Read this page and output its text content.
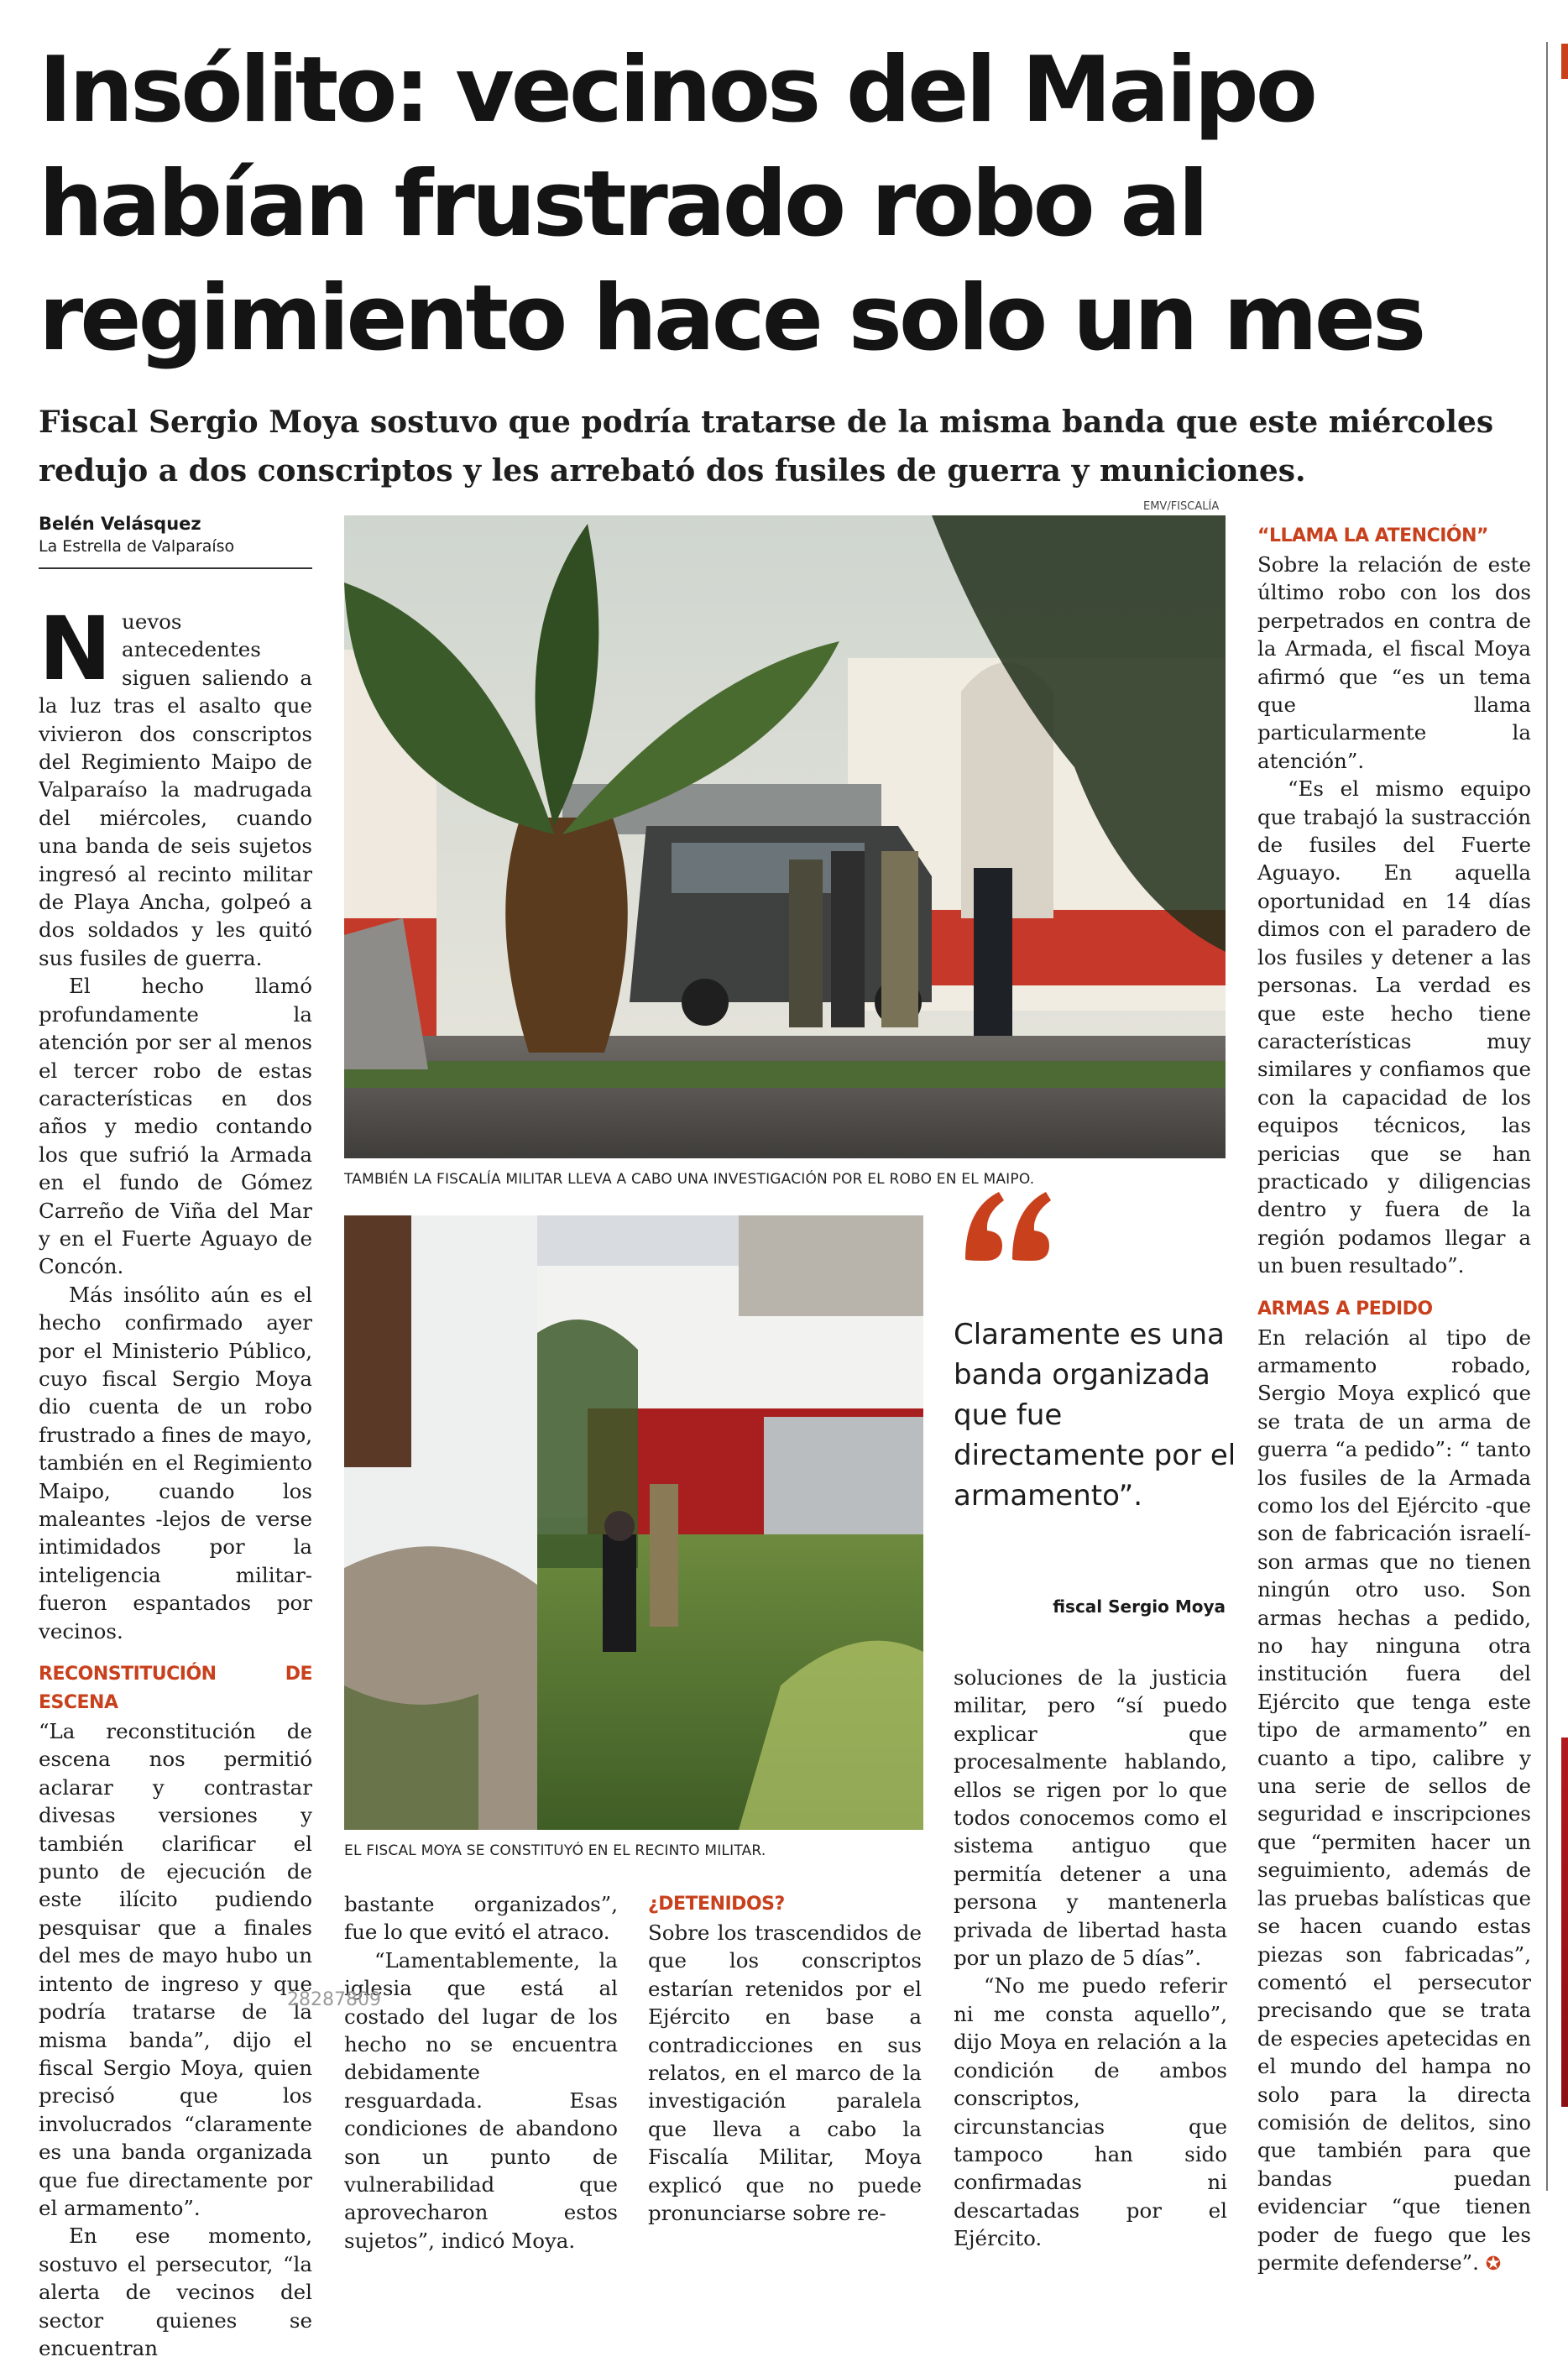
Insólito: vecinos del Maipo habían frustrado robo al regimiento hace solo un mes

Fiscal Sergio Moya sostuvo que podría tratarse de la misma banda que este miércoles redujo a dos conscriptos y les arrebató dos fusiles de guerra y municiones.

Belén Velásquez
La Estrella de Valparaíso

Nuevos antecedentes siguen saliendo a la luz tras el asalto que vivieron dos conscriptos del Regimiento Maipo de Valparaíso la madrugada del miércoles, cuando una banda de seis sujetos ingresó al recinto militar de Playa Ancha, golpeó a dos soldados y les quitó sus fusiles de guerra.

El hecho llamó profundamente la atención por ser al menos el tercer robo de estas características en dos años y medio contando los que sufrió la Armada en el fundo de Gómez Carreño de Viña del Mar y en el Fuerte Aguayo de Concón.

Más insólito aún es el hecho confirmado ayer por el Ministerio Público, cuyo fiscal Sergio Moya dio cuenta de un robo frustrado a fines de mayo, también en el Regimiento Maipo, cuando los maleantes -lejos de verse intimidados por la inteligencia militar- fueron espantados por vecinos.

RECONSTITUCIÓN DE ESCENA

“La reconstitución de escena nos permitió aclarar y contrastar divesas versiones y también clarificar el punto de ejecución de este ilícito pudiendo pesquisar que a finales del mes de mayo hubo un intento de ingreso y que podría tratarse de la misma banda”, dijo el fiscal Sergio Moya, quien precisó que los involucrados “claramente es una banda organizada que fue directamente por el armamento”.

En ese momento, sostuvo el persecutor, “la alerta de vecinos del sector quienes se encuentran

EMV/FISCALÍA
TAMBIÉN LA FISCALÍA MILITAR LLEVA A CABO UNA INVESTIGACIÓN POR EL ROBO EN EL MAIPO.
EL FISCAL MOYA SE CONSTITUYÓ EN EL RECINTO MILITAR.

Claramente es una banda organizada que fue directamente por el armamento”.

fiscal Sergio Moya

bastante organizados”, fue lo que evitó el atraco.

“Lamentablemente, la iglesia que está al costado del lugar de los hecho no se encuentra debidamente resguardada. Esas condiciones de abandono son un punto de vulnerabilidad que aprovecharon estos sujetos”, indicó Moya.

¿DETENIDOS?

Sobre los trascendidos de que los conscriptos estarían retenidos por el Ejército en base a contradicciones en sus relatos, en el marco de la investigación paralela que lleva a cabo la Fiscalía Militar, Moya explicó que no puede pronunciarse sobre re-

soluciones de la justicia militar, pero “sí puedo explicar que procesalmente hablando, ellos se rigen por lo que todos conocemos como el sistema antiguo que permitía detener a una persona y mantenerla privada de libertad hasta por un plazo de 5 días”.

“No me puedo referir ni me consta aquello”, dijo Moya en relación a la condición de ambos conscriptos, circunstancias que tampoco han sido confirmadas ni descartadas por el Ejército.

“LLAMA LA ATENCIÓN”

Sobre la relación de este último robo con los dos perpetrados en contra de la Armada, el fiscal Moya afirmó que “es un tema que llama particularmente la atención”.

“Es el mismo equipo que trabajó la sustracción de fusiles del Fuerte Aguayo. En aquella oportunidad en 14 días dimos con el paradero de los fusiles y detener a las personas. La verdad es que este hecho tiene características muy similares y confiamos que con la capacidad de los equipos técnicos, las pericias que se han practicado y diligencias dentro y fuera de la región podamos llegar a un buen resultado”.

ARMAS A PEDIDO

En relación al tipo de armamento robado, Sergio Moya explicó que se trata de un arma de guerra “a pedido”: “ tanto los fusiles de la Armada como los del Ejército -que son de fabricación israelí- son armas que no tienen ningún otro uso. Son armas hechas a pedido, no hay ninguna otra institución fuera del Ejército que tenga este tipo de armamento” en cuanto a tipo, calibre y una serie de sellos de seguridad e inscripciones que “permiten hacer un seguimiento, además de las pruebas balísticas que se hacen cuando estas piezas son fabricadas”, comentó el persecutor precisando que se trata de especies apetecidas en el mundo del hampa no solo para la directa comisión de delitos, sino que también para que bandas puedan evidenciar “que tienen poder de fuego que les permite defenderse”. ✪

28287809
